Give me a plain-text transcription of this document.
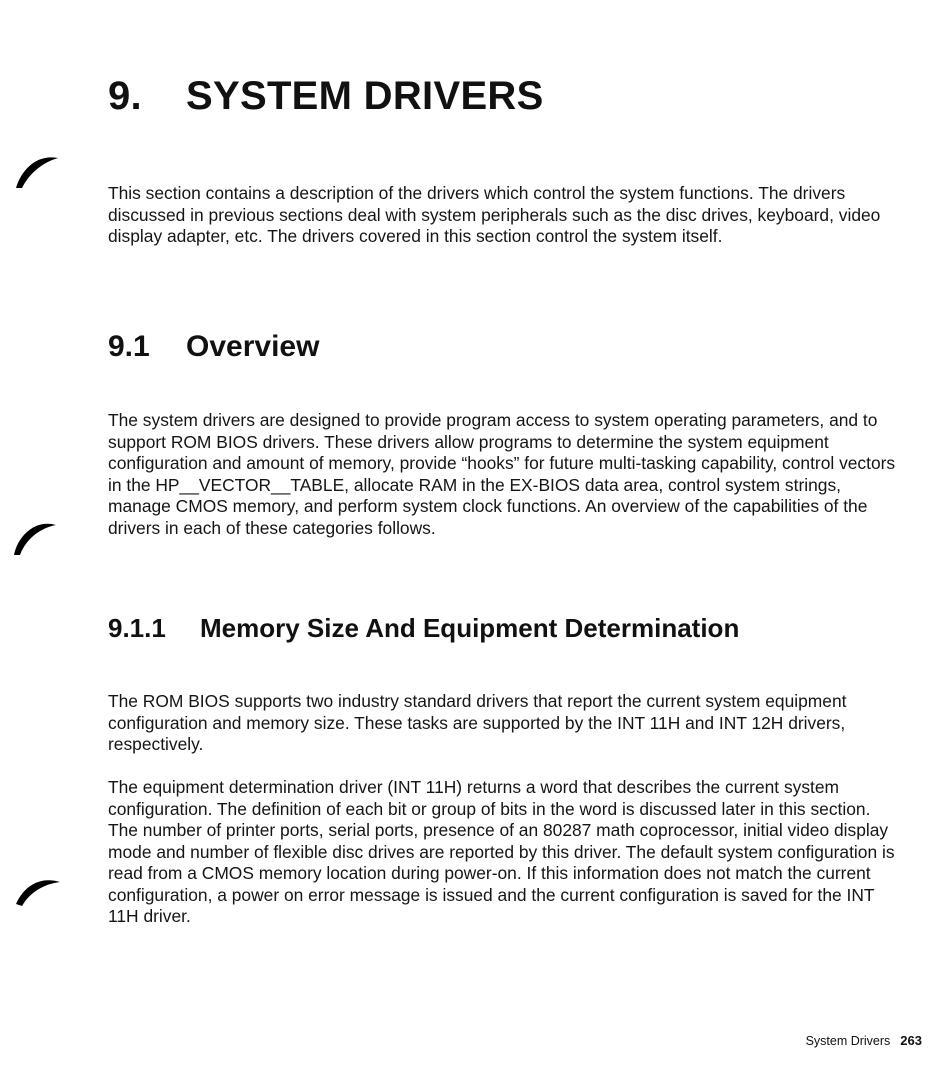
9. SYSTEM DRIVERS

This section contains a description of the drivers which control the system functions. The drivers discussed in previous sections deal with system peripherals such as the disc drives, keyboard, video display adapter, etc. The drivers covered in this section control the system itself.

9.1 Overview

The system drivers are designed to provide program access to system operating parameters, and to support ROM BIOS drivers. These drivers allow programs to determine the system equipment configuration and amount of memory, provide “hooks” for future multi-tasking capability, control vectors in the HP__VECTOR__TABLE, allocate RAM in the EX-BIOS data area, control system strings, manage CMOS memory, and perform system clock functions. An overview of the capabilities of the drivers in each of these categories follows.

9.1.1 Memory Size And Equipment Determination

The ROM BIOS supports two industry standard drivers that report the current system equipment configuration and memory size. These tasks are supported by the INT 11H and INT 12H drivers, respectively.

The equipment determination driver (INT 11H) returns a word that describes the current system configuration. The definition of each bit or group of bits in the word is discussed later in this section. The number of printer ports, serial ports, presence of an 80287 math coprocessor, initial video display mode and number of flexible disc drives are reported by this driver. The default system configuration is read from a CMOS memory location during power-on. If this information does not match the current configuration, a power on error message is issued and the current configuration is saved for the INT 11H driver.

System Drivers 263
